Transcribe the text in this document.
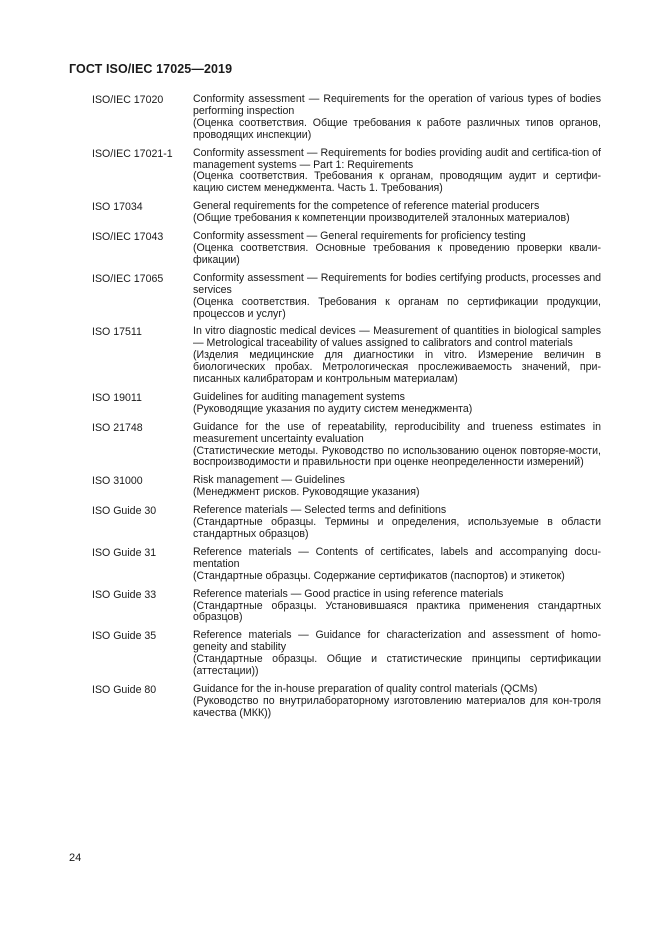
ГОСТ ISO/IEC 17025—2019
ISO/IEC 17020	Conformity assessment — Requirements for the operation of various types of bodies performing inspection
(Оценка соответствия. Общие требования к работе различных типов органов, проводящих инспекции)
ISO/IEC 17021-1	Conformity assessment — Requirements for bodies providing audit and certifica-tion of management systems — Part 1: Requirements
(Оценка соответствия. Требования к органам, проводящим аудит и сертифи-кацию систем менеджмента. Часть 1. Требования)
ISO 17034	General requirements for the competence of reference material producers
(Общие требования к компетенции производителей эталонных материалов)
ISO/IEC 17043	Conformity assessment — General requirements for proficiency testing
(Оценка соответствия. Основные требования к проведению проверки квали-фикации)
ISO/IEC 17065	Conformity assessment — Requirements for bodies certifying products, processes and services
(Оценка соответствия. Требования к органам по сертификации продукции, процессов и услуг)
ISO 17511	In vitro diagnostic medical devices — Measurement of quantities in biological samples — Metrological traceability of values assigned to calibrators and control materials
(Изделия медицинские для диагностики in vitro. Измерение величин в биологических пробах. Метрологическая прослеживаемость значений, при-писанных калибраторам и контрольным материалам)
ISO 19011	Guidelines for auditing management systems
(Руководящие указания по аудиту систем менеджмента)
ISO 21748	Guidance for the use of repeatability, reproducibility and trueness estimates in measurement uncertainty evaluation
(Статистические методы. Руководство по использованию оценок повторяе-мости, воспроизводимости и правильности при оценке неопределенности измерений)
ISO 31000	Risk management — Guidelines
(Менеджмент рисков. Руководящие указания)
ISO Guide 30	Reference materials — Selected terms and definitions
(Стандартные образцы. Термины и определения, используемые в области стандартных образцов)
ISO Guide 31	Reference materials — Contents of certificates, labels and accompanying docu-mentation
(Стандартные образцы. Содержание сертификатов (паспортов) и этикеток)
ISO Guide 33	Reference materials — Good practice in using reference materials
(Стандартные образцы. Установившаяся практика применения стандартных образцов)
ISO Guide 35	Reference materials — Guidance for characterization and assessment of homo-geneity and stability
(Стандартные образцы. Общие и статистические принципы сертификации (аттестации))
ISO Guide 80	Guidance for the in-house preparation of quality control materials (QCMs)
(Руководство по внутрилабораторному изготовлению материалов для кон-троля качества (МКК))
24
